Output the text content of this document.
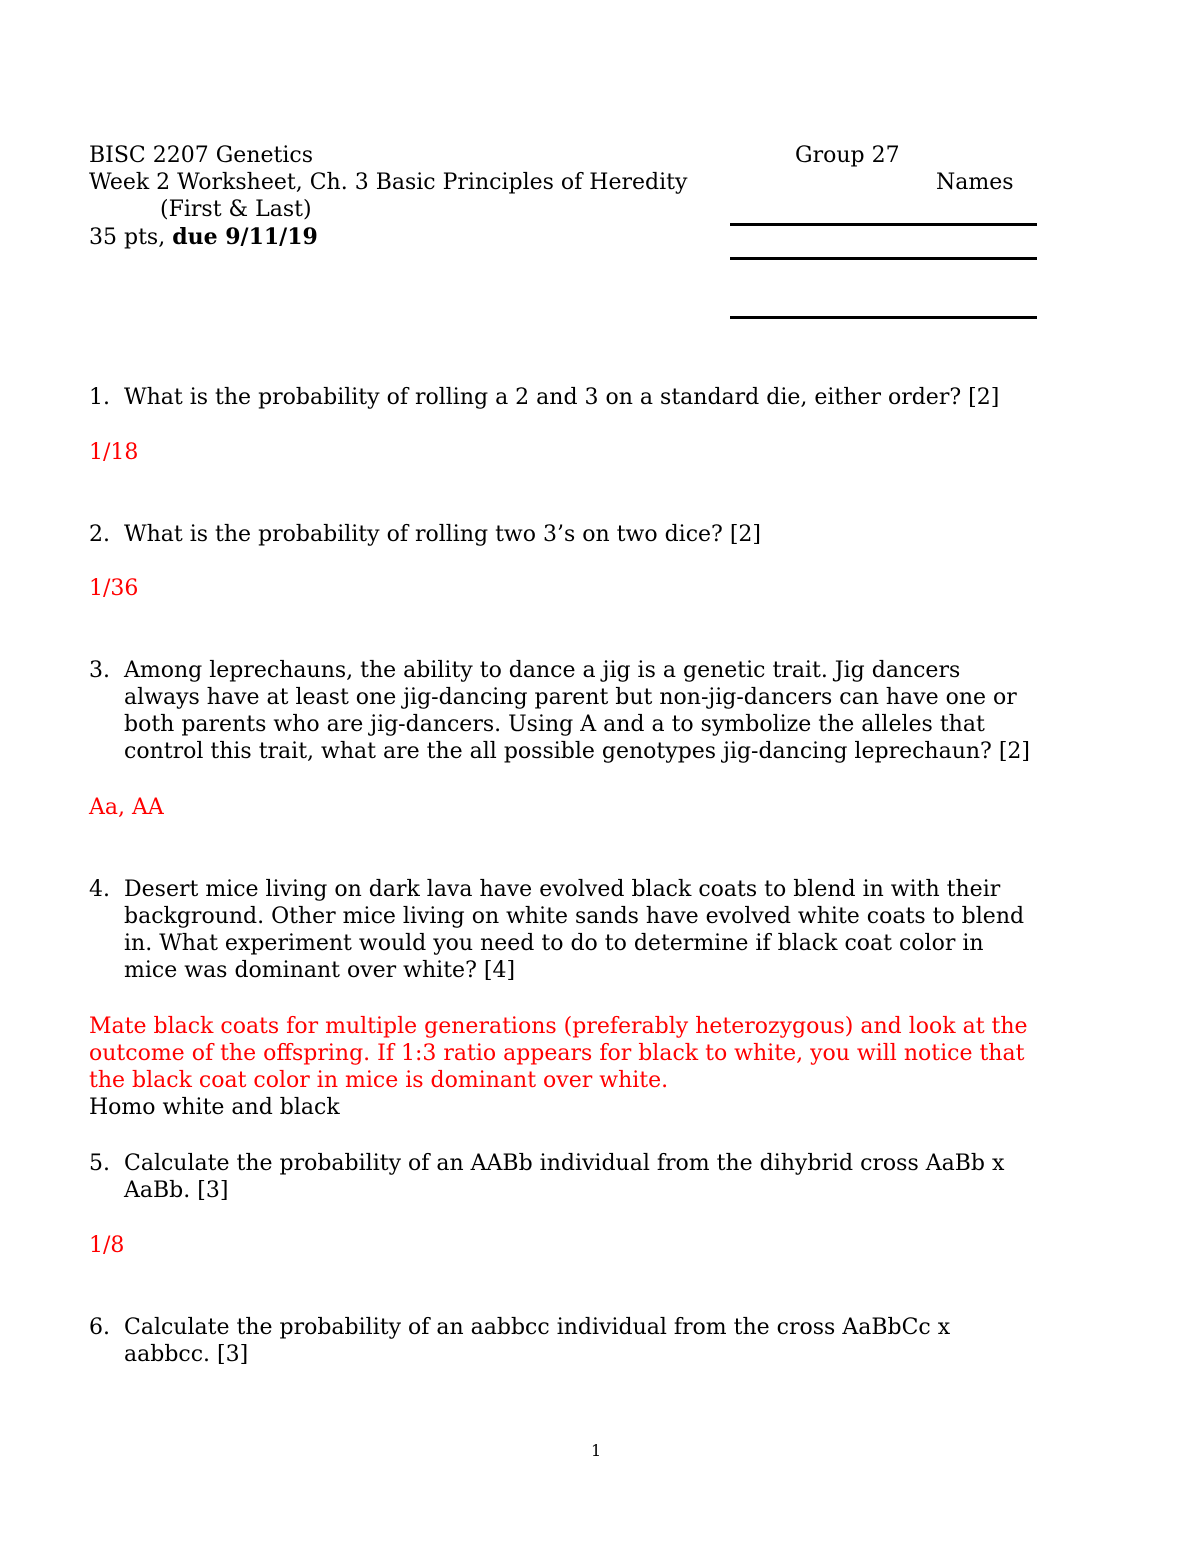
BISC 2207 Genetics	Group 27
Week 2 Worksheet, Ch. 3 Basic Principles of Heredity	Names
(First & Last)
35 pts, due 9/11/19
1. What is the probability of rolling a 2 and 3 on a standard die, either order? [2]
1/18
2. What is the probability of rolling two 3’s on two dice? [2]
1/36
3. Among leprechauns, the ability to dance a jig is a genetic trait. Jig dancers
always have at least one jig-dancing parent but non-jig-dancers can have one or
both parents who are jig-dancers. Using A and a to symbolize the alleles that
control this trait, what are the all possible genotypes jig-dancing leprechaun? [2]
Aa, AA
4. Desert mice living on dark lava have evolved black coats to blend in with their
background. Other mice living on white sands have evolved white coats to blend
in. What experiment would you need to do to determine if black coat color in
mice was dominant over white? [4]
Mate black coats for multiple generations (preferably heterozygous) and look at the
outcome of the offspring. If 1:3 ratio appears for black to white, you will notice that
the black coat color in mice is dominant over white.
Homo white and black
5. Calculate the probability of an AABb individual from the dihybrid cross AaBb x
AaBb. [3]
1/8
6. Calculate the probability of an aabbcc individual from the cross AaBbCc x
aabbcc. [3]
1
